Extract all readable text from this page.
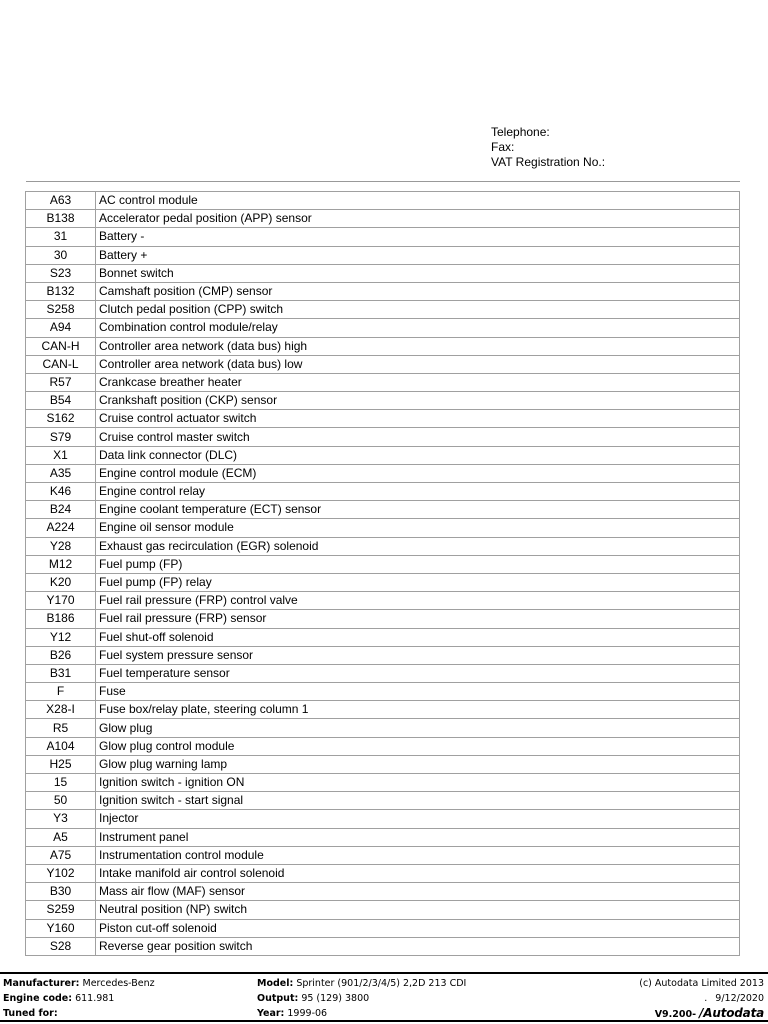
Telephone:
Fax:
VAT Registration No.:
A63	AC control module
B138	Accelerator pedal position (APP) sensor
31	Battery -
30	Battery +
S23	Bonnet switch
B132	Camshaft position (CMP) sensor
S258	Clutch pedal position (CPP) switch
A94	Combination control module/relay
CAN-H	Controller area network (data bus) high
CAN-L	Controller area network (data bus) low
R57	Crankcase breather heater
B54	Crankshaft position (CKP) sensor
S162	Cruise control actuator switch
S79	Cruise control master switch
X1	Data link connector (DLC)
A35	Engine control module (ECM)
K46	Engine control relay
B24	Engine coolant temperature (ECT) sensor
A224	Engine oil sensor module
Y28	Exhaust gas recirculation (EGR) solenoid
M12	Fuel pump (FP)
K20	Fuel pump (FP) relay
Y170	Fuel rail pressure (FRP) control valve
B186	Fuel rail pressure (FRP) sensor
Y12	Fuel shut-off solenoid
B26	Fuel system pressure sensor
B31	Fuel temperature sensor
F	Fuse
X28-I	Fuse box/relay plate, steering column 1
R5	Glow plug
A104	Glow plug control module
H25	Glow plug warning lamp
15	Ignition switch - ignition ON
50	Ignition switch - start signal
Y3	Injector
A5	Instrument panel
A75	Instrumentation control module
Y102	Intake manifold air control solenoid
B30	Mass air flow (MAF) sensor
S259	Neutral position (NP) switch
Y160	Piston cut-off solenoid
S28	Reverse gear position switch
Manufacturer: Mercedes-Benz
Engine code: 611.981
Tuned for:
Model: Sprinter (901/2/3/4/5) 2,2D 213 CDI
Output: 95 (129) 3800
Year: 1999-06
(c) Autodata Limited 2013
. 9/12/2020
V9.200- /Autodata
